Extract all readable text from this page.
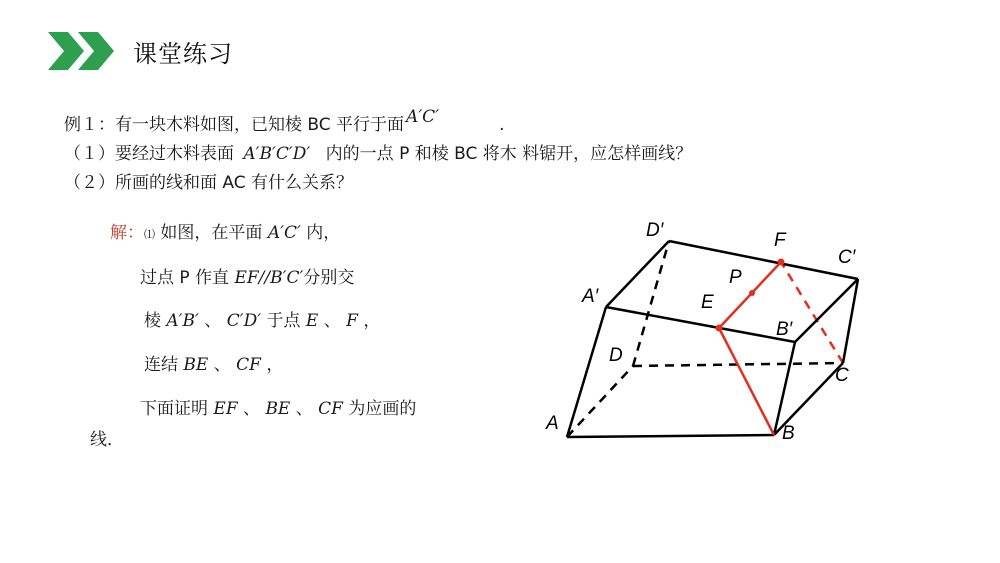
课堂练习
例１：有一块木料如图，已知棱 BC 平行于面 A′C′	.
（１）要经过木料表面 A′B′C′D′ 内的一点 P 和棱 BC 将木 料锯开，应怎样画线？
（２）所画的线和面 AC 有什么关系？
解：⑴ 如图，在平面 A′C′ 内，
过点 P 作直 EF//B′C′分别交
棱 A′B′ 、 C′D′ 于点 E 、 F ，
连结 BE 、 CF ，
下面证明 EF 、 BE 、 CF 为应画的
线．
D′	F
C′
P
A′	E
B′
D
C
A	B
